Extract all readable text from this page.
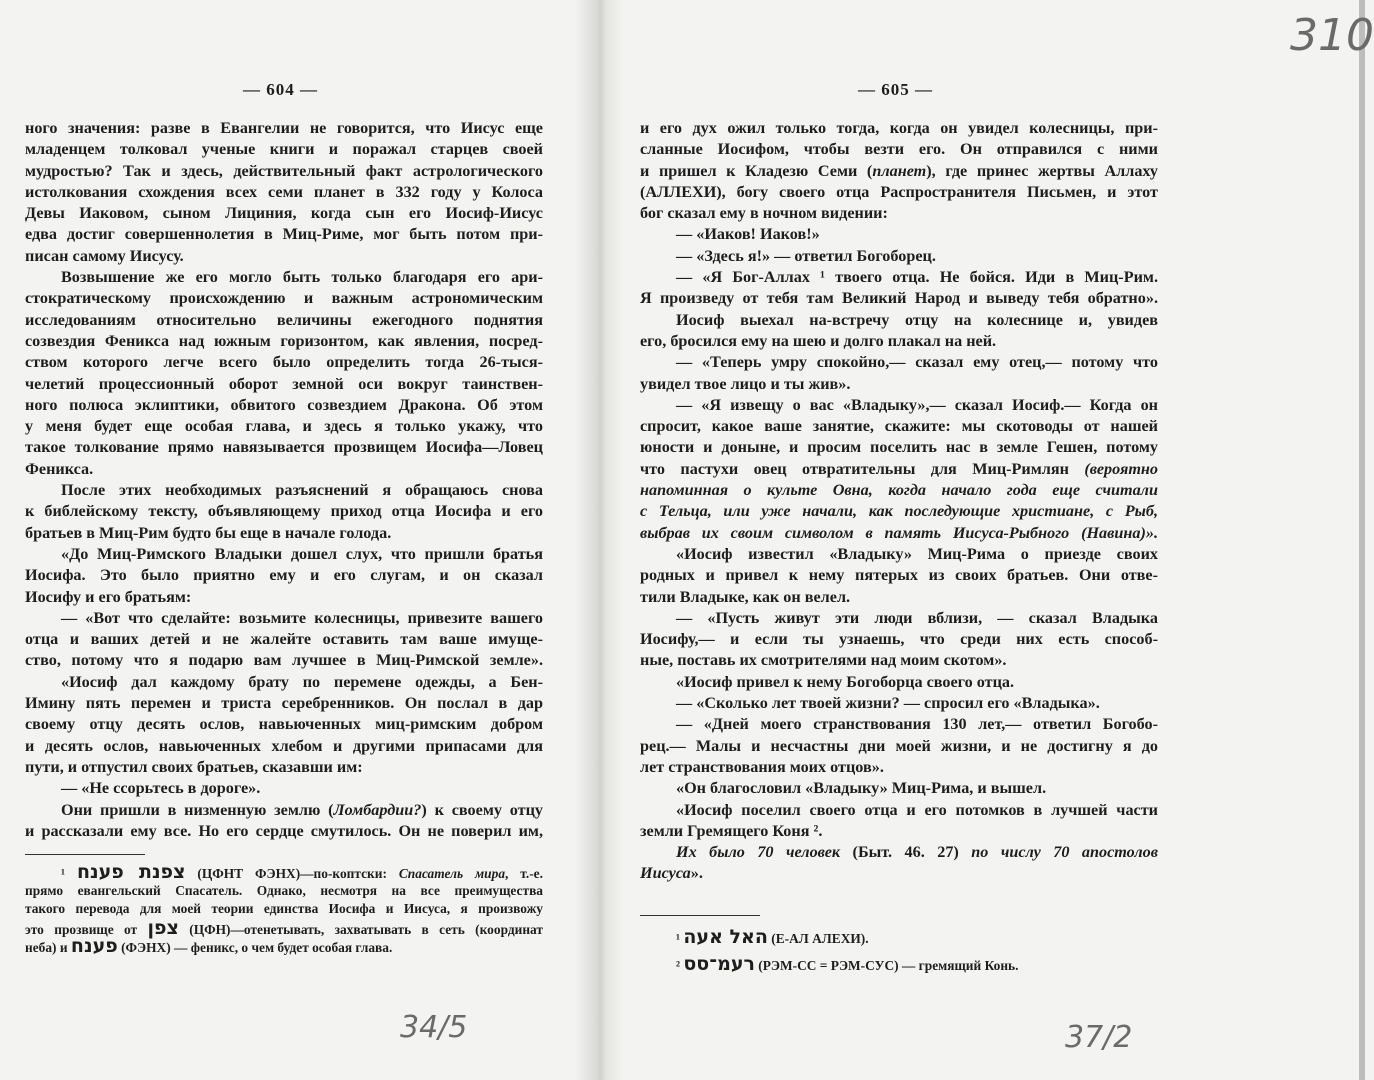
— 604 —	— 605 —
ного значения: разве в Евангелии не говорится, что Иисус еще
младенцем толковал ученые книги и поражал старцев своей
мудростью? Так и здесь, действительный факт астрологического
истолкования схождения всех семи планет в 332 году у Колоса
Девы Иаковом, сыном Лициния, когда сын его Иосиф-Иисус
едва достиг совершеннолетия в Миц-Риме, мог быть потом при-
писан самому Иисусу.
Возвышение же его могло быть только благодаря его ари-
стократическому происхождению и важным астрономическим
исследованиям относительно величины ежегодного поднятия
созвездия Феникса над южным горизонтом, как явления, посред-
ством которого легче всего было определить тогда 26-тыся-
челетий процессионный оборот земной оси вокруг таинствен-
ного полюса эклиптики, обвитого созвездием Дракона. Об этом
у меня будет еще особая глава, и здесь я только укажу, что
такое толкование прямо навязывается прозвищем Иосифа—Ловец
Феникса.
После этих необходимых разъяснений я обращаюсь снова
к библейскому тексту, объявляющему приход отца Иосифа и его
братьев в Миц-Рим будто бы еще в начале голода.
«До Миц-Римского Владыки дошел слух, что пришли братья
Иосифа. Это было приятно ему и его слугам, и он сказал
Иосифу и его братьям:
— «Вот что сделайте: возьмите колесницы, привезите вашего
отца и ваших детей и не жалейте оставить там ваше имуще-
ство, потому что я подарю вам лучшее в Миц-Римской земле».
«Иосиф дал каждому брату по перемене одежды, а Бен-
Имину пять перемен и триста серебренников. Он послал в дар
своему отцу десять ослов, навьюченных миц-римским добром
и десять ослов, навьюченных хлебом и другими припасами для
пути, и отпустил своих братьев, сказавши им:
— «Не ссорьтесь в дороге».
Они пришли в низменную землю (Ломбардии?) к своему отцу
и рассказали ему все. Но его сердце смутилось. Он не поверил им,
¹ צפנת פענח (ЦФНТ ФЭНХ)—по-коптски: Спасатель мира, т.-е.
прямо евангельский Спасатель. Однако, несмотря на все преимущества
такого перевода для моей теории единства Иосифа и Иисуса, я произвожу
это прозвище от צפן (ЦФН)—отенетывать, захватывать в сеть (координат
неба) и פענח (ФЭНХ) — феникс, о чем будет особая глава.
и его дух ожил только тогда, когда он увидел колесницы, при-
сланные Иосифом, чтобы везти его. Он отправился с ними
и пришел к Кладезю Семи (планет), где принес жертвы Аллаху
(АЛЛЕХИ), богу своего отца Распространителя Письмен, и этот
бог сказал ему в ночном видении:
— «Иаков! Иаков!»
— «Здесь я!» — ответил Богоборец.
— «Я Бог-Аллах ¹ твоего отца. Не бойся. Иди в Миц-Рим.
Я произведу от тебя там Великий Народ и выведу тебя обратно».
Иосиф выехал на-встречу отцу на колеснице и, увидев
его, бросился ему на шею и долго плакал на ней.
— «Теперь умру спокойно,— сказал ему отец,— потому что
увидел твое лицо и ты жив».
— «Я извещу о вас «Владыку»,— сказал Иосиф.— Когда он
спросит, какое ваше занятие, скажите: мы скотоводы от нашей
юности и доныне, и просим поселить нас в земле Гешен, потому
что пастухи овец отвратительны для Миц-Римлян (вероятно
напоминная о культе Овна, когда начало года еще считали
с Тельца, или уже начали, как последующие христиане, с Рыб,
выбрав их своим символом в память Иисуса-Рыбного (Навина)».
«Иосиф известил «Владыку» Миц-Рима о приезде своих
родных и привел к нему пятерых из своих братьев. Они отве-
тили Владыке, как он велел.
— «Пусть живут эти люди вблизи, — сказал Владыка
Иосифу,— и если ты узнаешь, что среди них есть способ-
ные, поставь их смотрителями над моим скотом».
«Иосиф привел к нему Богоборца своего отца.
— «Сколько лет твоей жизни? — спросил его «Владыка».
— «Дней моего странствования 130 лет,— ответил Богобо-
рец.— Малы и несчастны дни моей жизни, и не достигну я до
лет странствования моих отцов».
«Он благословил «Владыку» Миц-Рима, и вышел.
«Иосиф поселил своего отца и его потомков в лучшей части
земли Гремящего Коня ².
Их было 70 человек (Быт. 46. 27) по числу 70 апостолов
Иисуса».
¹ האל אעה (Е-АЛ АЛЕХИ).
² רעמ־סס (РЭМ-СС = РЭМ-СУС) — гремящий Конь.
310
34/5	37/2
